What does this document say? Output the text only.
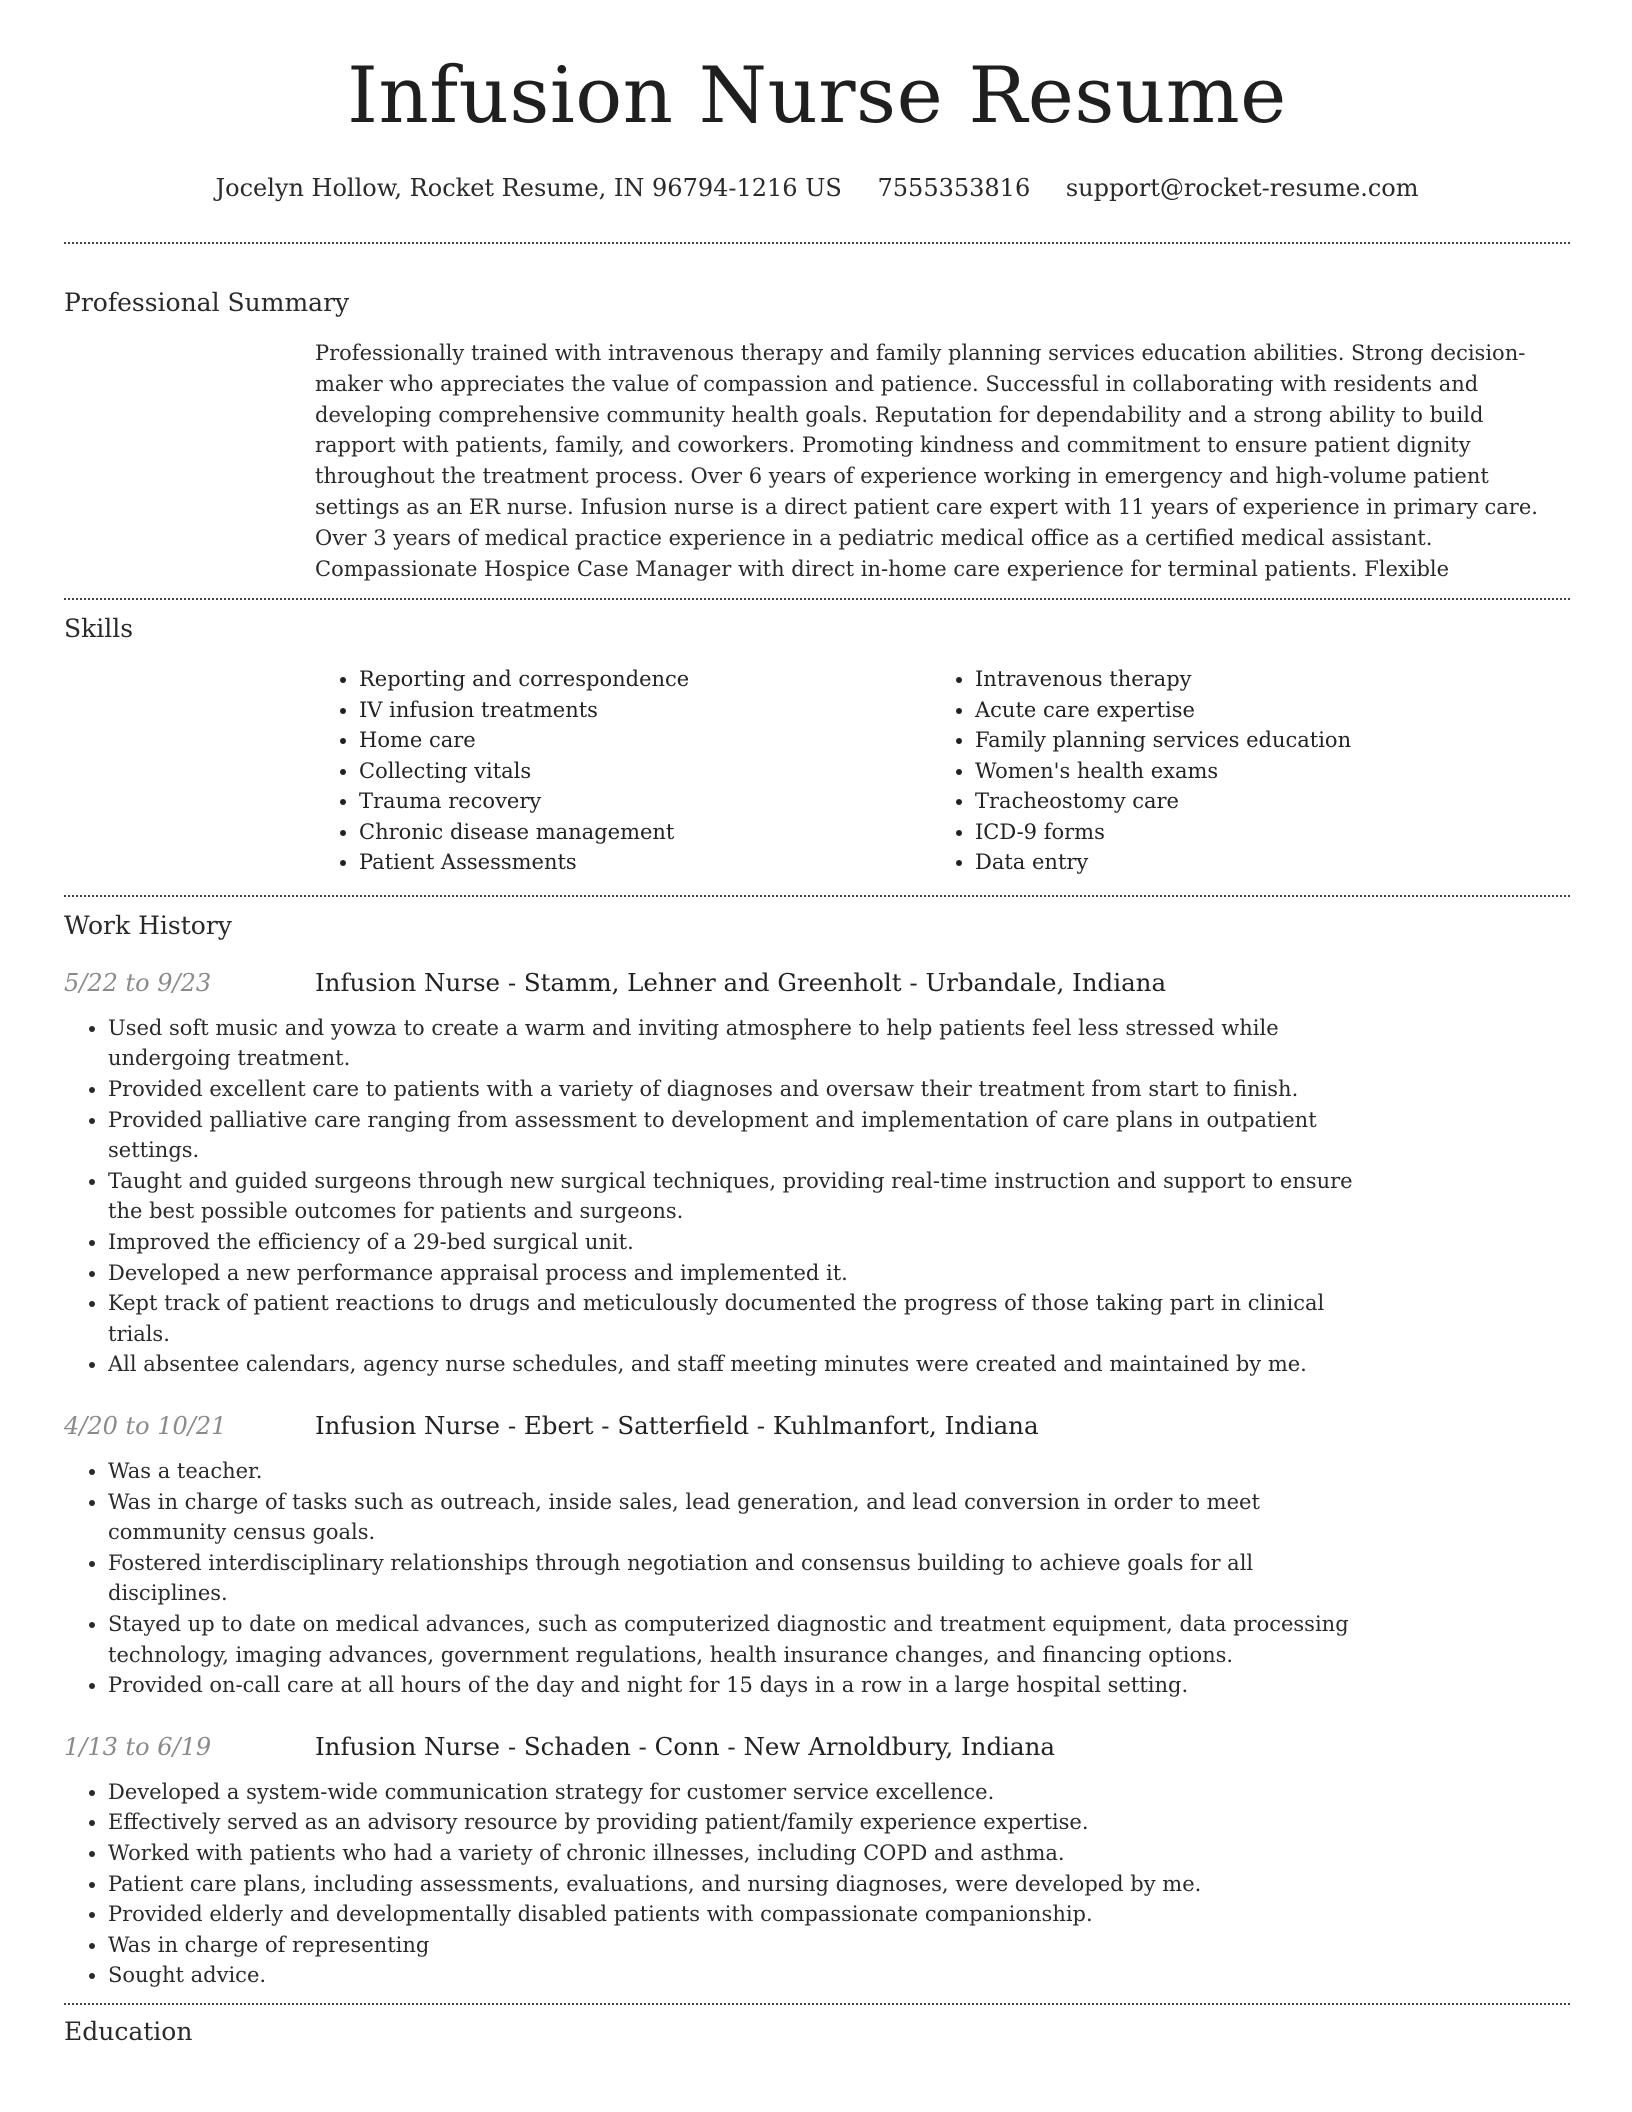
Infusion Nurse Resume
Jocelyn Hollow, Rocket Resume, IN 96794-1216 US 7555353816 support@rocket-resume.com
Professional Summary
Professionally trained with intravenous therapy and family planning services education abilities. Strong decision-maker who appreciates the value of compassion and patience. Successful in collaborating with residents and developing comprehensive community health goals. Reputation for dependability and a strong ability to build rapport with patients, family, and coworkers. Promoting kindness and commitment to ensure patient dignity throughout the treatment process. Over 6 years of experience working in emergency and high-volume patient settings as an ER nurse. Infusion nurse is a direct patient care expert with 11 years of experience in primary care. Over 3 years of medical practice experience in a pediatric medical office as a certified medical assistant. Compassionate Hospice Case Manager with direct in-home care experience for terminal patients. Flexible
Skills
• Reporting and correspondence
• IV infusion treatments
• Home care
• Collecting vitals
• Trauma recovery
• Chronic disease management
• Patient Assessments
• Intravenous therapy
• Acute care expertise
• Family planning services education
• Women's health exams
• Tracheostomy care
• ICD-9 forms
• Data entry
Work History
5/22 to 9/23	Infusion Nurse - Stamm, Lehner and Greenholt - Urbandale, Indiana
• Used soft music and yowza to create a warm and inviting atmosphere to help patients feel less stressed while undergoing treatment.
• Provided excellent care to patients with a variety of diagnoses and oversaw their treatment from start to finish.
• Provided palliative care ranging from assessment to development and implementation of care plans in outpatient settings.
• Taught and guided surgeons through new surgical techniques, providing real-time instruction and support to ensure the best possible outcomes for patients and surgeons.
• Improved the efficiency of a 29-bed surgical unit.
• Developed a new performance appraisal process and implemented it.
• Kept track of patient reactions to drugs and meticulously documented the progress of those taking part in clinical trials.
• All absentee calendars, agency nurse schedules, and staff meeting minutes were created and maintained by me.
4/20 to 10/21	Infusion Nurse - Ebert - Satterfield - Kuhlmanfort, Indiana
• Was a teacher.
• Was in charge of tasks such as outreach, inside sales, lead generation, and lead conversion in order to meet community census goals.
• Fostered interdisciplinary relationships through negotiation and consensus building to achieve goals for all disciplines.
• Stayed up to date on medical advances, such as computerized diagnostic and treatment equipment, data processing technology, imaging advances, government regulations, health insurance changes, and financing options.
• Provided on-call care at all hours of the day and night for 15 days in a row in a large hospital setting.
1/13 to 6/19	Infusion Nurse - Schaden - Conn - New Arnoldbury, Indiana
• Developed a system-wide communication strategy for customer service excellence.
• Effectively served as an advisory resource by providing patient/family experience expertise.
• Worked with patients who had a variety of chronic illnesses, including COPD and asthma.
• Patient care plans, including assessments, evaluations, and nursing diagnoses, were developed by me.
• Provided elderly and developmentally disabled patients with compassionate companionship.
• Was in charge of representing
• Sought advice.
Education
